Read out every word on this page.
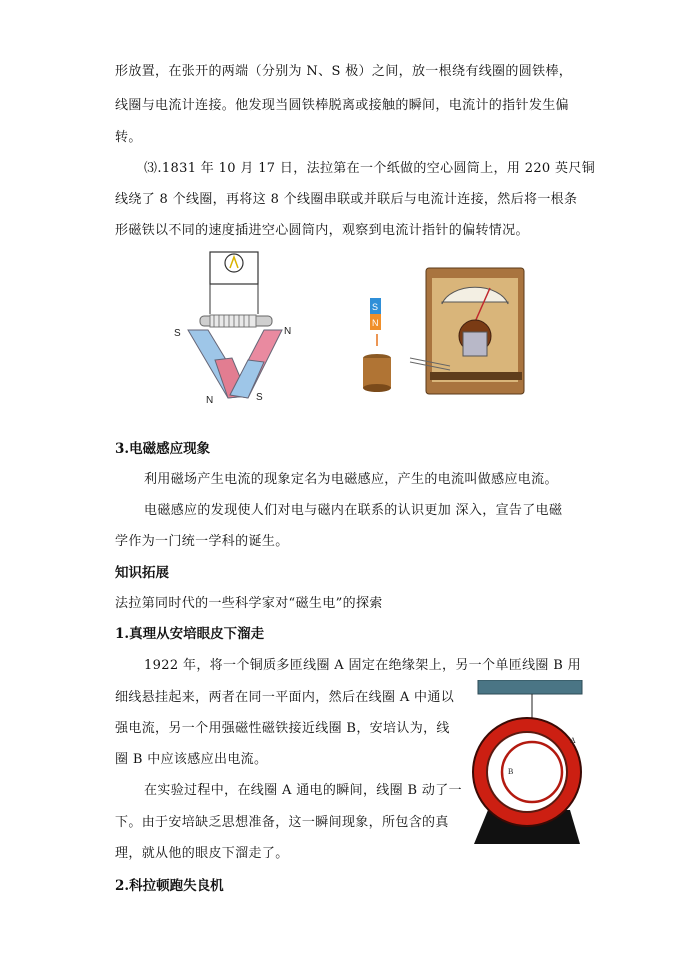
形放置，在张开的两端（分别为 N、S 极）之间，放一根绕有线圈的圆铁棒，
线圈与电流计连接。他发现当圆铁棒脱离或接触的瞬间，电流计的指针发生偏
转。
⑶.1831 年 10 月 17 日，法拉第在一个纸做的空心圆筒上，用 220 英尺铜
线绕了 8 个线圈，再将这 8 个线圈串联或并联后与电流计连接，然后将一根条
形磁铁以不同的速度插进空心圆筒内，观察到电流计指针的偏转情况。
S	N
N	S
S
N
3.电磁感应现象
利用磁场产生电流的现象定名为电磁感应，产生的电流叫做感应电流。
电磁感应的发现使人们对电与磁内在联系的认识更加 深入，宣告了电磁
学作为一门统一学科的诞生。
知识拓展
法拉第同时代的一些科学家对“磁生电”的探索
1.真理从安培眼皮下溜走
1922 年，将一个铜质多匝线圈 A 固定在绝缘架上，另一个单匝线圈 B 用
细线悬挂起来，两者在同一平面内，然后在线圈 A 中通以
强电流，另一个用强磁性磁铁接近线圈 B，安培认为，线
圈 B 中应该感应出电流。
在实验过程中，在线圈 A 通电的瞬间，线圈 B 动了一
下。由于安培缺乏思想准备，这一瞬间现象，所包含的真
理，就从他的眼皮下溜走了。
A
B
2.科拉顿跑失良机
